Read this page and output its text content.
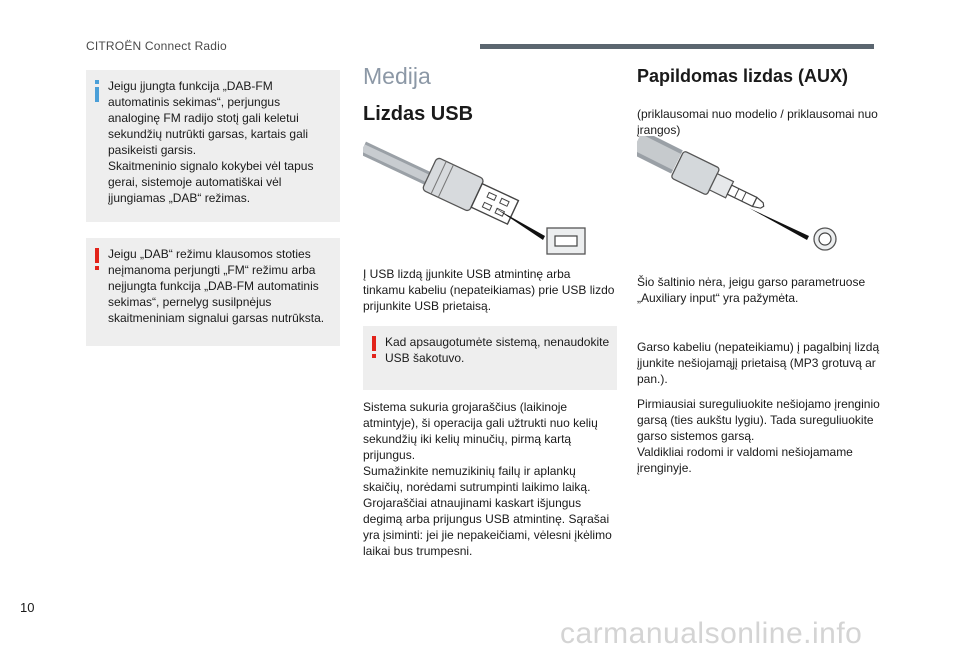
CITROËN Connect Radio

Jeigu įjungta funkcija „DAB-FM

automatinis sekimas“, perjungus

analoginę FM radijo stotį gali keletui

sekundžių nutrūkti garsas, kartais gali

pasikeisti garsis.

Skaitmeninio signalo kokybei vėl tapus

gerai, sistemoje automatiškai vėl

įjungiamas „DAB“ režimas.

Jeigu „DAB“ režimu klausomos stoties

neįmanoma perjungti „FM“ režimu arba

neįjungta funkcija „DAB-FM automatinis

sekimas“, pernelyg susilpnėjus

skaitmeniniam signalui garsas nutrūksta.

Medija
Lizdas USB

Į USB lizdą įjunkite USB atmintinę arba

tinkamu kabeliu (nepateikiamas) prie USB lizdo

prijunkite USB prietaisą.

Kad apsaugotumėte sistemą, nenaudokite

USB šakotuvo.

Sistema sukuria grojaraščius (laikinoje

atmintyje), ši operacija gali užtrukti nuo kelių

sekundžių iki kelių minučių, pirmą kartą

prijungus.

Sumažinkite nemuzikinių failų ir aplankų

skaičių, norėdami sutrumpinti laikimo laiką.

Grojaraščiai atnaujinami kaskart išjungus

degimą arba prijungus USB atmintinę. Sąrašai

yra įsiminti: jei jie nepakeičiami, vėlesni įkėlimo

laikai bus trumpesni.

Papildomas lizdas (AUX)

(priklausomai nuo modelio / priklausomai nuo

įrangos)

Šio šaltinio nėra, jeigu garso parametruose

„Auxiliary input“ yra pažymėta.

Garso kabeliu (nepateikiamu) į pagalbinį lizdą

įjunkite nešiojamąjį prietaisą (MP3 grotuvą ar

pan.).

Pirmiausiai sureguliuokite nešiojamo įrenginio

garsą (ties aukštu lygiu). Tada sureguliuokite

garso sistemos garsą.

Valdikliai rodomi ir valdomi nešiojamame

įrenginyje.

10
carmanualsonline.info
